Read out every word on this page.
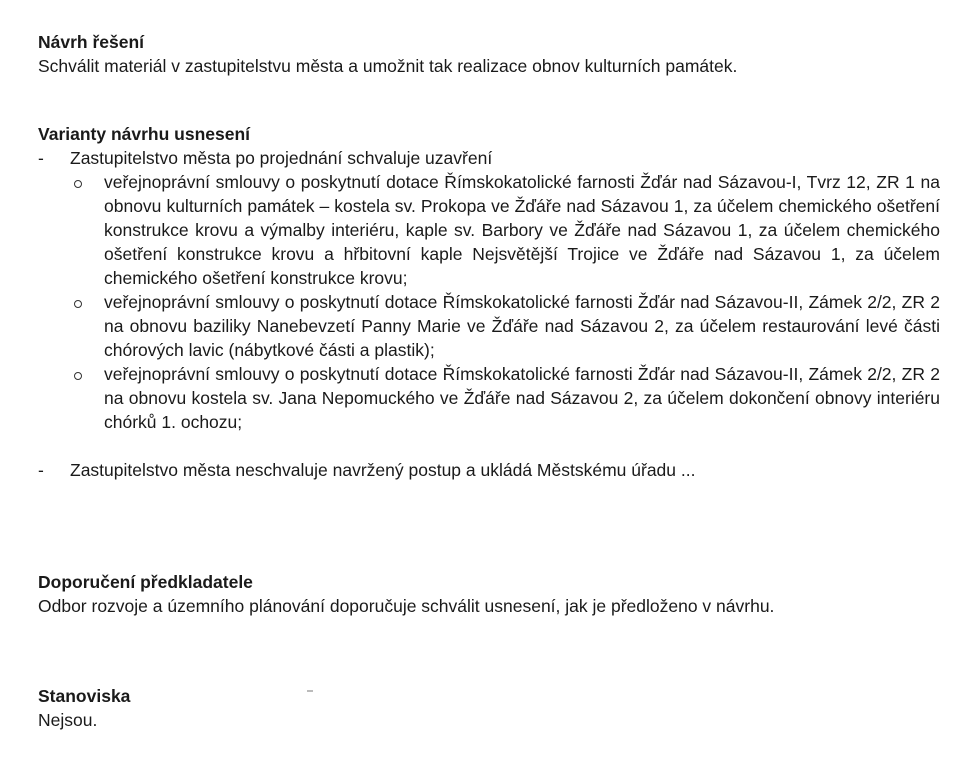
Návrh řešení

Schválit materiál v zastupitelstvu města a umožnit tak realizace obnov kulturních památek.

Varianty návrhu usnesení

-	Zastupitelstvo města po projednání schvaluje uzavření
veřejnoprávní smlouvy o poskytnutí dotace Římskokatolické farnosti Žďár nad Sázavou-I, Tvrz 12, ZR 1 na obnovu kulturních památek – kostela sv. Prokopa ve Žďáře nad Sázavou 1, za účelem chemického ošetření konstrukce krovu a výmalby interiéru, kaple sv. Barbory ve Žďáře nad Sázavou 1, za účelem chemického ošetření konstrukce krovu a hřbitovní kaple Nejsvětější Trojice ve Žďáře nad Sázavou 1, za účelem chemického ošetření konstrukce krovu;
veřejnoprávní smlouvy o poskytnutí dotace Římskokatolické farnosti Žďár nad Sázavou-II, Zámek 2/2, ZR 2 na obnovu baziliky Nanebevzetí Panny Marie ve Žďáře nad Sázavou 2, za účelem restaurování levé části chórových lavic (nábytkové části a plastik);
veřejnoprávní smlouvy o poskytnutí dotace Římskokatolické farnosti Žďár nad Sázavou-II, Zámek 2/2, ZR 2 na obnovu kostela sv. Jana Nepomuckého ve Žďáře nad Sázavou 2, za účelem dokončení obnovy interiéru chórků 1. ochozu;
-	Zastupitelstvo města neschvaluje navržený postup a ukládá Městskému úřadu ...

Doporučení předkladatele

Odbor rozvoje a územního plánování doporučuje schválit usnesení, jak je předloženo v návrhu.

Stanoviska

Nejsou.
